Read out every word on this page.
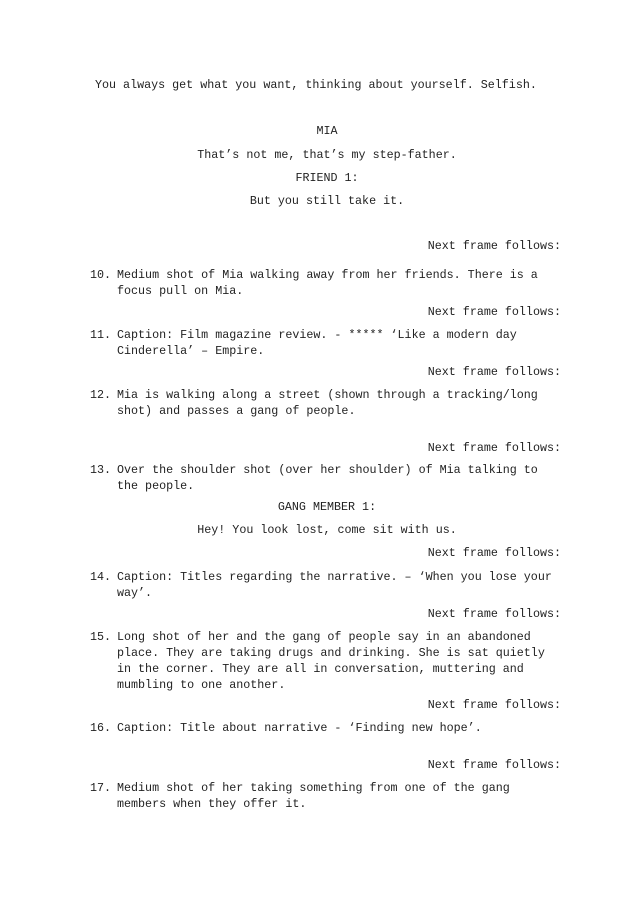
You always get what you want, thinking about yourself. Selfish.
MIA
That’s not me, that’s my step-father.
FRIEND 1:
But you still take it.
Next frame follows:
10. Medium shot of Mia walking away from her friends. There is a
focus pull on Mia.
Next frame follows:
11. Caption: Film magazine review. - ***** ‘Like a modern day
Cinderella’ – Empire.
Next frame follows:
12. Mia is walking along a street (shown through a tracking/long
shot) and passes a gang of people.
Next frame follows:
13. Over the shoulder shot (over her shoulder) of Mia talking to
the people.
GANG MEMBER 1:
Hey! You look lost, come sit with us.
Next frame follows:
14. Caption: Titles regarding the narrative. – ‘When you lose your
way’.
Next frame follows:
15. Long shot of her and the gang of people say in an abandoned
place. They are taking drugs and drinking. She is sat quietly
in the corner. They are all in conversation, muttering and
mumbling to one another.
Next frame follows:
16. Caption: Title about narrative - ‘Finding new hope’.
Next frame follows:
17. Medium shot of her taking something from one of the gang
members when they offer it.
